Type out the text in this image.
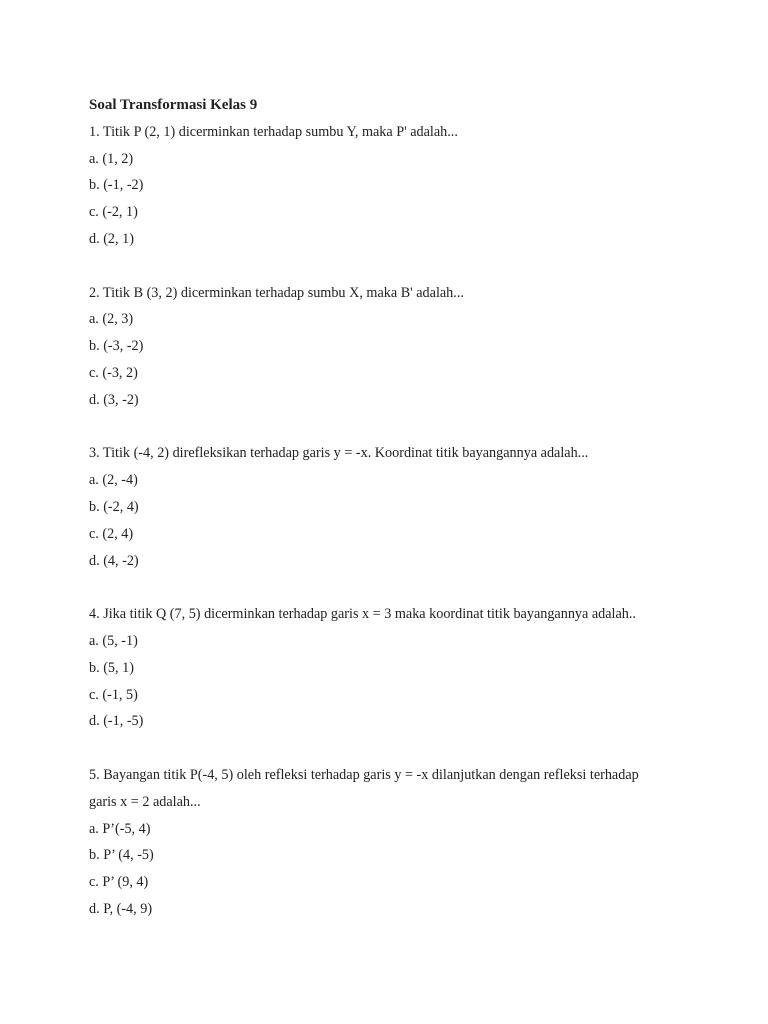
Soal Transformasi Kelas 9

1. Titik P (2, 1) dicerminkan terhadap sumbu Y, maka P' adalah...

a. (1, 2)

b. (-1, -2)

c. (-2, 1)

d. (2, 1)

2. Titik B (3, 2) dicerminkan terhadap sumbu X, maka B' adalah...

a. (2, 3)

b. (-3, -2)

c. (-3, 2)

d. (3, -2)

3. Titik (-4, 2) direfleksikan terhadap garis y = -x. Koordinat titik bayangannya adalah...

a. (2, -4)

b. (-2, 4)

c. (2, 4)

d. (4, -2)

4. Jika titik Q (7, 5) dicerminkan terhadap garis x = 3 maka koordinat titik bayangannya adalah..

a. (5, -1)

b. (5, 1)

c. (-1, 5)

d. (-1, -5)

5. Bayangan titik P(-4, 5) oleh refleksi terhadap garis y = -x dilanjutkan dengan refleksi terhadap

garis x = 2 adalah...

a. P’(-5, 4)

b. P’ (4, -5)

c. P’ (9, 4)

d. P, (-4, 9)
